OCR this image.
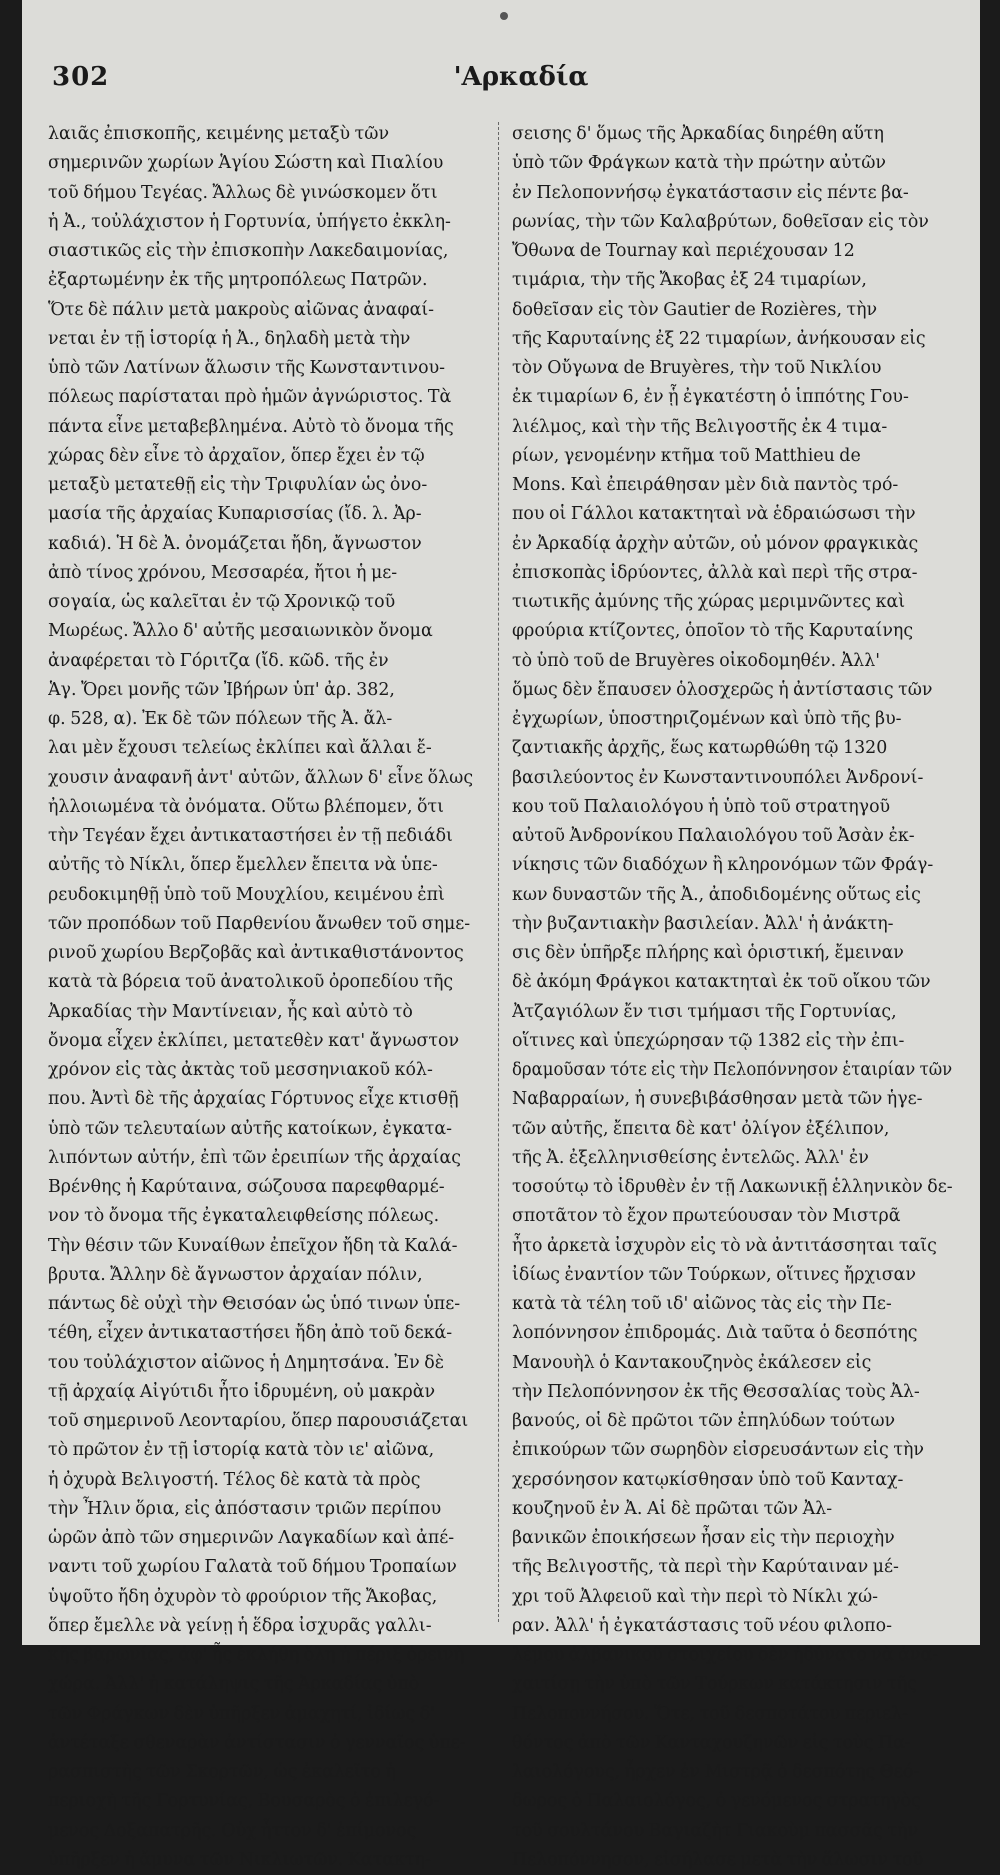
302	'Αρκαδία
λαιᾶς ἐπισκοπῆς, κειμένης μεταξὺ τῶν
σημερινῶν χωρίων Ἁγίου Σώστη καὶ Πιαλίου
τοῦ δήμου Τεγέας. Ἄλλως δὲ γινώσκομεν ὅτι
ἡ Ἀ., τοὐλάχιστον ἡ Γορτυνία, ὑπήγετο ἐκκλη-
σιαστικῶς εἰς τὴν ἐπισκοπὴν Λακεδαιμονίας,
ἐξαρτωμένην ἐκ τῆς μητροπόλεως Πατρῶν.
Ὅτε δὲ πάλιν μετὰ μακροὺς αἰῶνας ἀναφαί-
νεται ἐν τῇ ἱστορίᾳ ἡ Ἀ., δηλαδὴ μετὰ τὴν
ὑπὸ τῶν Λατίνων ἅλωσιν τῆς Κωνσταντινου-
πόλεως παρίσταται πρὸ ἡμῶν ἀγνώριστος. Τὰ
πάντα εἶνε μεταβεβλημένα. Αὐτὸ τὸ ὄνομα τῆς
χώρας δὲν εἶνε τὸ ἀρχαῖον, ὅπερ ἔχει ἐν τῷ
μεταξὺ μετατεθῇ εἰς τὴν Τριφυλίαν ὡς ὀνο-
μασία τῆς ἀρχαίας Κυπαρισσίας (ἴδ. λ. Ἀρ-
καδιά). Ἡ δὲ Ἀ. ὀνομάζεται ἤδη, ἄγνωστον
ἀπὸ τίνος χρόνου, Μεσσαρέα, ἤτοι ἡ με-
σογαία, ὡς καλεῖται ἐν τῷ Χρονικῷ τοῦ
Μωρέως. Ἄλλο δ' αὐτῆς μεσαιωνικὸν ὄνομα
ἀναφέρεται τὸ Γόριτζα (ἴδ. κῶδ. τῆς ἐν
Ἁγ. Ὄρει μονῆς τῶν Ἰβήρων ὑπ' ἀρ. 382,
φ. 528, α). Ἐκ δὲ τῶν πόλεων τῆς Ἀ. ἄλ-
λαι μὲν ἔχουσι τελείως ἐκλίπει καὶ ἄλλαι ἔ-
χουσιν ἀναφανῆ ἀντ' αὐτῶν, ἄλλων δ' εἶνε ὅλως
ἠλλοιωμένα τὰ ὀνόματα. Οὕτω βλέπομεν, ὅτι
τὴν Τεγέαν ἔχει ἀντικαταστήσει ἐν τῇ πεδιάδι
αὐτῆς τὸ Νίκλι, ὅπερ ἔμελλεν ἔπειτα νὰ ὑπε-
ρευδοκιμηθῇ ὑπὸ τοῦ Μουχλίου, κειμένου ἐπὶ
τῶν προπόδων τοῦ Παρθενίου ἄνωθεν τοῦ σημε-
ρινοῦ χωρίου Βερζοβᾶς καὶ ἀντικαθιστάνοντος
κατὰ τὰ βόρεια τοῦ ἀνατολικοῦ ὀροπεδίου τῆς
Ἀρκαδίας τὴν Μαντίνειαν, ἧς καὶ αὐτὸ τὸ
ὄνομα εἶχεν ἐκλίπει, μετατεθὲν κατ' ἄγνωστον
χρόνον εἰς τὰς ἀκτὰς τοῦ μεσσηνιακοῦ κόλ-
που. Ἀντὶ δὲ τῆς ἀρχαίας Γόρτυνος εἶχε κτισθῇ
ὑπὸ τῶν τελευταίων αὐτῆς κατοίκων, ἐγκατα-
λιπόντων αὐτήν, ἐπὶ τῶν ἐρειπίων τῆς ἀρχαίας
Βρένθης ἡ Καρύταινα, σώζουσα παρεφθαρμέ-
νον τὸ ὄνομα τῆς ἐγκαταλειφθείσης πόλεως.
Τὴν θέσιν τῶν Κυναίθων ἐπεῖχον ἤδη τὰ Καλά-
βρυτα. Ἄλλην δὲ ἄγνωστον ἀρχαίαν πόλιν,
πάντως δὲ οὐχὶ τὴν Θεισόαν ὡς ὑπό τινων ὑπε-
τέθη, εἶχεν ἀντικαταστήσει ἤδη ἀπὸ τοῦ δεκά-
του τοὐλάχιστον αἰῶνος ἡ Δημητσάνα. Ἐν δὲ
τῇ ἀρχαίᾳ Αἰγύτιδι ἦτο ἱδρυμένη, οὐ μακρὰν
τοῦ σημερινοῦ Λεονταρίου, ὅπερ παρουσιάζεται
τὸ πρῶτον ἐν τῇ ἱστορίᾳ κατὰ τὸν ιε' αἰῶνα,
ἡ ὀχυρὰ Βελιγοστή. Τέλος δὲ κατὰ τὰ πρὸς
τὴν Ἦλιν ὅρια, εἰς ἀπόστασιν τριῶν περίπου
ὡρῶν ἀπὸ τῶν σημερινῶν Λαγκαδίων καὶ ἀπέ-
ναντι τοῦ χωρίου Γαλατὰ τοῦ δήμου Τροπαίων
ὑψοῦτο ἤδη ὀχυρὸν τὸ φρούριον τῆς Ἄκοβας,
ὅπερ ἔμελλε νὰ γείνῃ ἡ ἕδρα ἰσχυρᾶς γαλλι-
κῆς βαρωνίας, ἀφ' ἧς ἐκλήθη ὅλη ἡ πέριξ ὀρεινὴ
χώρα. Ἀλλ' ἡ κατάληψις τῆς Ἀρκαδίας ὑπὸ
τῶν Φράγκων δὲν ὑπῆρξεν ἀμαχητί, ἰδίως δ'
ἀντέταξε σθεναρὰν ἀντίστασιν ὁ γενναῖος ὑπε-
ρασπιστὴς τῶν Σκορτῶν, ὡς ἐκαλεῖτο ἡ
περιοχὴ τῆς Γορτυνίας, Βουσαρὸς ὁ ἐπιλεγό-
μενος Δοξαπατρῆς. Οὐχ ἧττον δ' ἐπίμονος
ὑπῆρξεν ἡ ἄμυνα τῶν Νικλιωτῶν. Κατακτη-
σεισης δ' ὅμως τῆς Ἀρκαδίας διηρέθη αὕτη
ὑπὸ τῶν Φράγκων κατὰ τὴν πρώτην αὐτῶν
ἐν Πελοποννήσῳ ἐγκατάστασιν εἰς πέντε βα-
ρωνίας, τὴν τῶν Καλαβρύτων, δοθεῖσαν εἰς τὸν
Ὄθωνα de Tournay καὶ περιέχουσαν 12
τιμάρια, τὴν τῆς Ἄκοβας ἐξ 24 τιμαρίων,
δοθεῖσαν εἰς τὸν Gautier de Rozières, τὴν
τῆς Καρυταίνης ἐξ 22 τιμαρίων, ἀνήκουσαν εἰς
τὸν Οὔγωνα de Bruyères, τὴν τοῦ Νικλίου
ἐκ τιμαρίων 6, ἐν ᾗ ἐγκατέστη ὁ ἱππότης Γου-
λιέλμος, καὶ τὴν τῆς Βελιγοστῆς ἐκ 4 τιμα-
ρίων, γενομένην κτῆμα τοῦ Matthieu de
Mons. Καὶ ἐπειράθησαν μὲν διὰ παντὸς τρό-
που οἱ Γάλλοι κατακτηταὶ νὰ ἑδραιώσωσι τὴν
ἐν Ἀρκαδίᾳ ἀρχὴν αὐτῶν, οὐ μόνον φραγκικὰς
ἐπισκοπὰς ἱδρύοντες, ἀλλὰ καὶ περὶ τῆς στρα-
τιωτικῆς ἀμύνης τῆς χώρας μεριμνῶντες καὶ
φρούρια κτίζοντες, ὁποῖον τὸ τῆς Καρυταίνης
τὸ ὑπὸ τοῦ de Bruyères οἰκοδομηθέν. Ἀλλ'
ὅμως δὲν ἔπαυσεν ὁλοσχερῶς ἡ ἀντίστασις τῶν
ἐγχωρίων, ὑποστηριζομένων καὶ ὑπὸ τῆς βυ-
ζαντιακῆς ἀρχῆς, ἕως κατωρθώθη τῷ 1320
βασιλεύοντος ἐν Κωνσταντινουπόλει Ἀνδρονί-
κου τοῦ Παλαιολόγου ἡ ὑπὸ τοῦ στρατηγοῦ
αὐτοῦ Ἀνδρονίκου Παλαιολόγου τοῦ Ἀσὰν ἐκ-
νίκησις τῶν διαδόχων ἢ κληρονόμων τῶν Φράγ-
κων δυναστῶν τῆς Ἀ., ἀποδιδομένης οὕτως εἰς
τὴν βυζαντιακὴν βασιλείαν. Ἀλλ' ἡ ἀνάκτη-
σις δὲν ὑπῆρξε πλήρης καὶ ὁριστική, ἔμειναν
δὲ ἀκόμη Φράγκοι κατακτηταὶ ἐκ τοῦ οἴκου τῶν
Ἀτζαγιόλων ἔν τισι τμήμασι τῆς Γορτυνίας,
οἵτινες καὶ ὑπεχώρησαν τῷ 1382 εἰς τὴν ἐπι-
δραμοῦσαν τότε εἰς τὴν Πελοπόννησον ἑταιρίαν τῶν
Ναβαρραίων, ἡ συνεβιβάσθησαν μετὰ τῶν ἡγε-
τῶν αὐτῆς, ἔπειτα δὲ κατ' ὀλίγον ἐξέλιπον,
τῆς Ἀ. ἐξελληνισθείσης ἐντελῶς. Ἀλλ' ἐν
τοσούτῳ τὸ ἱδρυθὲν ἐν τῇ Λακωνικῇ ἑλληνικὸν δε-
σποτᾶτον τὸ ἔχον πρωτεύουσαν τὸν Μιστρᾶ
ἦτο ἀρκετὰ ἰσχυρὸν εἰς τὸ νὰ ἀντιτάσσηται ταῖς
ἰδίως ἐναντίον τῶν Τούρκων, οἵτινες ἤρχισαν
κατὰ τὰ τέλη τοῦ ιδ' αἰῶνος τὰς εἰς τὴν Πε-
λοπόννησον ἐπιδρομάς. Διὰ ταῦτα ὁ δεσπότης
Μανουὴλ ὁ Καντακουζηνὸς ἐκάλεσεν εἰς
τὴν Πελοπόννησον ἐκ τῆς Θεσσαλίας τοὺς Ἀλ-
βανούς, οἱ δὲ πρῶτοι τῶν ἐπηλύδων τούτων
ἐπικούρων τῶν σωρηδὸν εἰσρευσάντων εἰς τὴν
χερσόνησον κατῳκίσθησαν ὑπὸ τοῦ Κανταχ-
κουζηνοῦ ἐν Ἀ. Αἱ δὲ πρῶται τῶν Ἀλ-
βανικῶν ἐποικήσεων ἦσαν εἰς τὴν περιοχὴν
τῆς Βελιγοστῆς, τὰ περὶ τὴν Καρύταιναν μέ-
χρι τοῦ Ἀλφειοῦ καὶ τὴν περὶ τὸ Νίκλι χώ-
ραν. Ἀλλ' ἡ ἐγκατάστασις τοῦ νέου φιλοπο-
λέμου ἀλβανικοῦ στοιχείου δὲν ἠδύνατο νὰ ἀνα-
χαιτίσῃ τὴν ὑπὸ τῶν Τούρκων κατάκτησιν τῆς
Πελοποννήσου. Ὅτε, τοῦ δεσποτάτου περιελ-
θόντος ἀπὸ τῶν Κανταχουζηνῶν εἰς τοὺς Πα-
λαιολόγους, ἦρχεν ἐν Μιστρᾷ ὁ δεσπότης Θεό-
δωρος ὁ Παλαιολόγος, ὁ γενόμενος στρατηγὸς
τοῦ σουλτάνου Βαγιαζὴτ Γιακοὺμ πασσᾶς τὴν
Πελοπόννησον, εἰσήλασε μετὰ τὴν ἅλωσιν τοῦ
